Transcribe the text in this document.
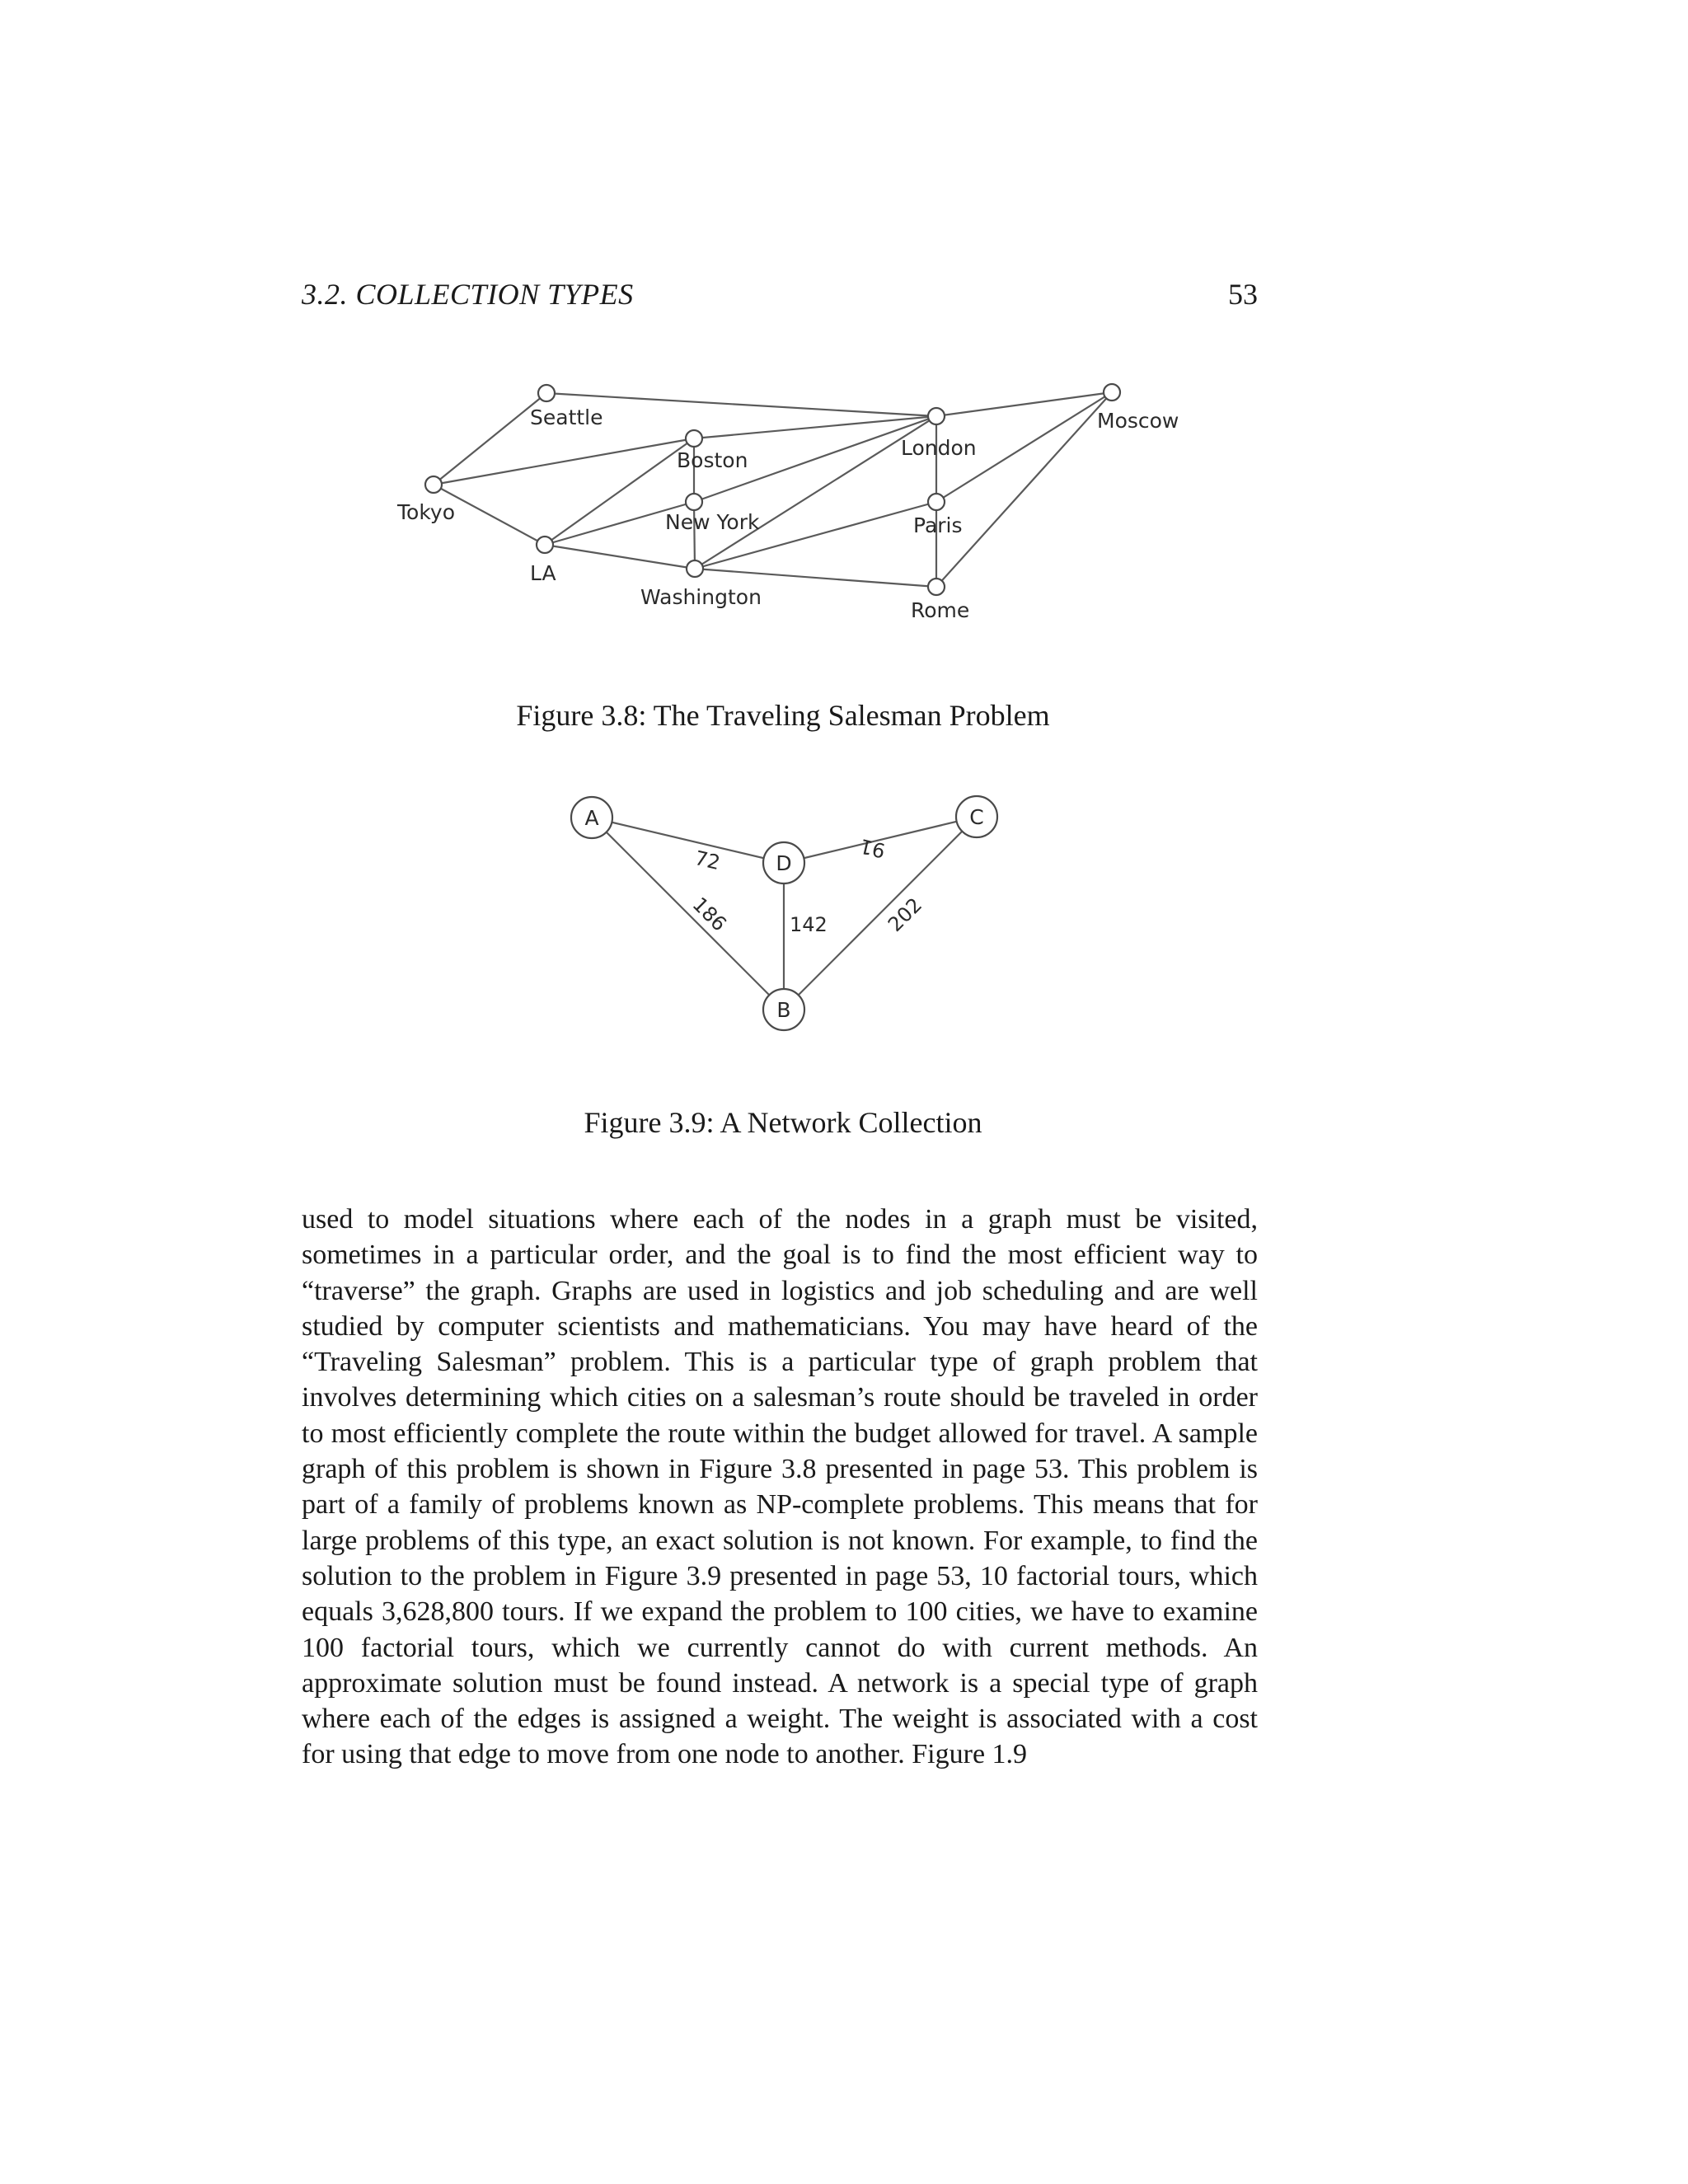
3.2. COLLECTION TYPES	53
Seattle
Tokyo
LA
Boston
New York
Washington
London
Paris
Rome
Moscow
Figure 3.8: The Traveling Salesman Problem
A
D
C
B
72	91
186	142	202
Figure 3.9: A Network Collection

used to model situations where each of the nodes in a graph must be visited, sometimes in a particular order, and the goal is to find the most efficient way to “traverse” the graph. Graphs are used in logistics and job scheduling and are well studied by computer scientists and mathematicians. You may have heard of the “Traveling Salesman” problem. This is a particular type of graph problem that involves determining which cities on a salesman’s route should be traveled in order to most efficiently complete the route within the budget allowed for travel. A sample graph of this problem is shown in Figure 3.8 presented in page 53. This problem is part of a family of problems known as NP-complete problems. This means that for large problems of this type, an exact solution is not known. For example, to find the solution to the problem in Figure 3.9 presented in page 53, 10 factorial tours, which equals 3,628,800 tours. If we expand the problem to 100 cities, we have to examine 100 factorial tours, which we currently cannot do with current methods. An approximate solution must be found instead. A network is a special type of graph where each of the edges is assigned a weight. The weight is associated with a cost for using that edge to move from one node to another. Figure 1.9
